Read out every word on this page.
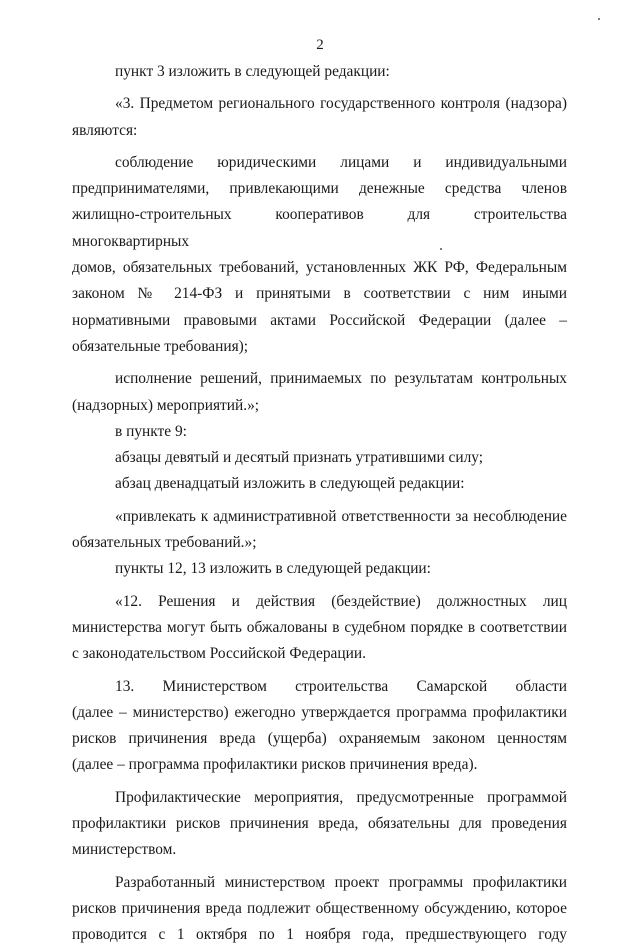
2

пункт 3 изложить в следующей редакции:

«3. Предметом регионального государственного контроля (надзора)
являются:

соблюдение юридическими лицами и индивидуальными
предпринимателями, привлекающими денежные средства членов
жилищно-строительных кооперативов для строительства многоквартирных
домов, обязательных требований, установленных ЖК РФ, Федеральным
законом № 214-ФЗ и принятыми в соответствии с ним иными
нормативными правовыми актами Российской Федерации (далее –
обязательные требования);

исполнение решений, принимаемых по результатам контрольных
(надзорных) мероприятий.»;

в пункте 9:

абзацы девятый и десятый признать утратившими силу;

абзац двенадцатый изложить в следующей редакции:

«привлекать к административной ответственности за несоблюдение
обязательных требований.»;

пункты 12, 13 изложить в следующей редакции:

«12. Решения и действия (бездействие) должностных лиц
министерства могут быть обжалованы в судебном порядке в соответствии
с законодательством Российской Федерации.

13. Министерством строительства Самарской области
(далее – министерство) ежегодно утверждается программа профилактики
рисков причинения вреда (ущерба) охраняемым законом ценностям
(далее – программа профилактики рисков причинения вреда).

Профилактические мероприятия, предусмотренные программой
профилактики рисков причинения вреда, обязательны для проведения
министерством.

Разработанный министерством проект программы профилактики
рисков причинения вреда подлежит общественному обсуждению, которое
проводится с 1 октября по 1 ноября года, предшествующего году
